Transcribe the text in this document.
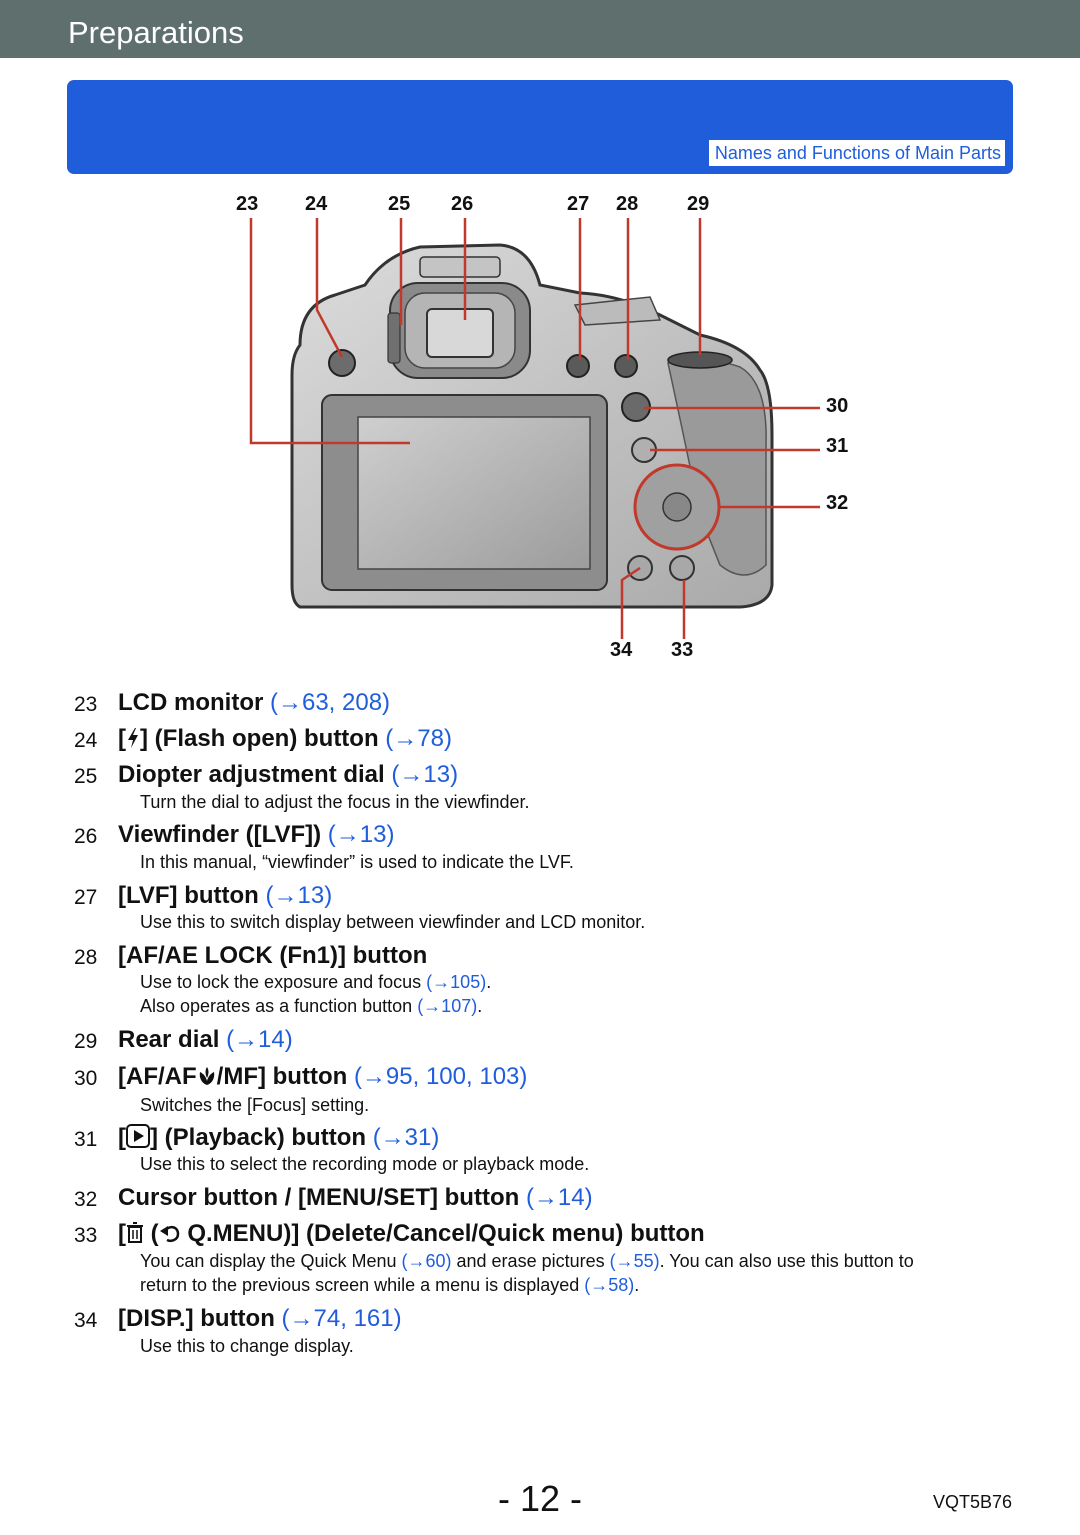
Preparations
Names and Functions of Main Parts
23 24	25 26	27 28 29
30
31
32
34 33
23 LCD monitor (→63, 208)
24 [ ] (Flash open) button (→78)
25 Diopter adjustment dial (→13)
Turn the dial to adjust the focus in the viewfinder.
26 Viewfinder ([LVF]) (→13)
In this manual, “viewfinder” is used to indicate the LVF.
27 [LVF] button (→13)
Use this to switch display between viewfinder and LCD monitor.
28 [AF/AE LOCK (Fn1)] button
Use to lock the exposure and focus (→105).
Also operates as a function button (→107).
29 Rear dial (→14)
30 [AF/AF /MF] button (→95, 100, 103)
Switches the [Focus] setting.
31 [ ] (Playback) button (→31)
Use this to select the recording mode or playback mode.
32 Cursor button / [MENU/SET] button (→14)
33 [ ( Q.MENU)] (Delete/Cancel/Quick menu) button
You can display the Quick Menu (→60) and erase pictures (→55). You can also use this button to
return to the previous screen while a menu is displayed (→58).
34 [DISP.] button (→74, 161)
Use this to change display.
- 12 -	VQT5B76
